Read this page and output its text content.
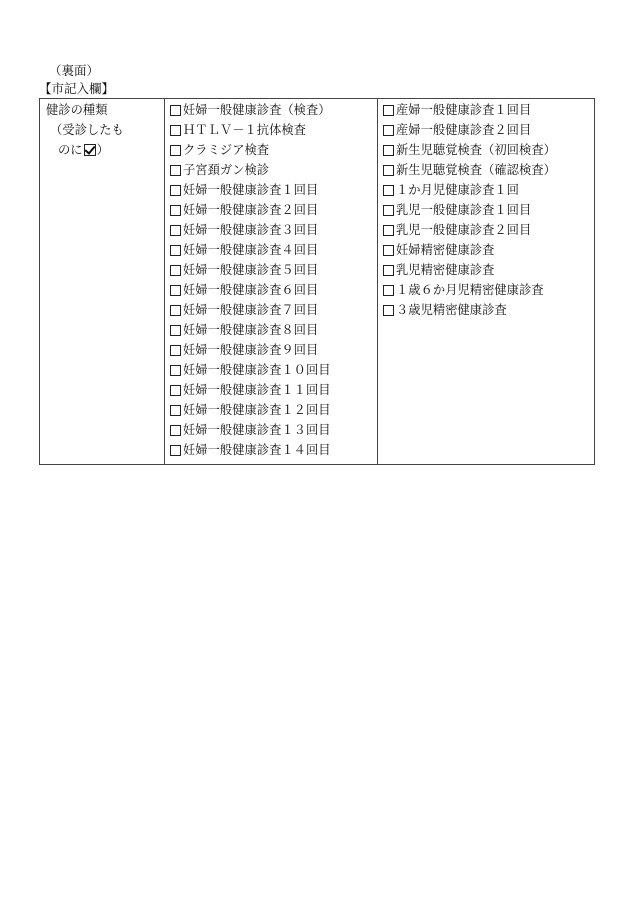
（裏面）
【市記入欄】
健診の種類
（受診したも
のに ）

妊婦一般健康診査（検査）
ＨＴＬＶ－１抗体検査
クラミジア検査
子宮頚ガン検診
妊婦一般健康診査１回目
妊婦一般健康診査２回目
妊婦一般健康診査３回目
妊婦一般健康診査４回目
妊婦一般健康診査５回目
妊婦一般健康診査６回目
妊婦一般健康診査７回目
妊婦一般健康診査８回目
妊婦一般健康診査９回目
妊婦一般健康診査１０回目
妊婦一般健康診査１１回目
妊婦一般健康診査１２回目
妊婦一般健康診査１３回目
妊婦一般健康診査１４回目

産婦一般健康診査１回目
産婦一般健康診査２回目
新生児聴覚検査（初回検査）
新生児聴覚検査（確認検査）
１か月児健康診査１回
乳児一般健康診査１回目
乳児一般健康診査２回目
妊婦精密健康診査
乳児精密健康診査
１歳６か月児精密健康診査
３歳児精密健康診査
